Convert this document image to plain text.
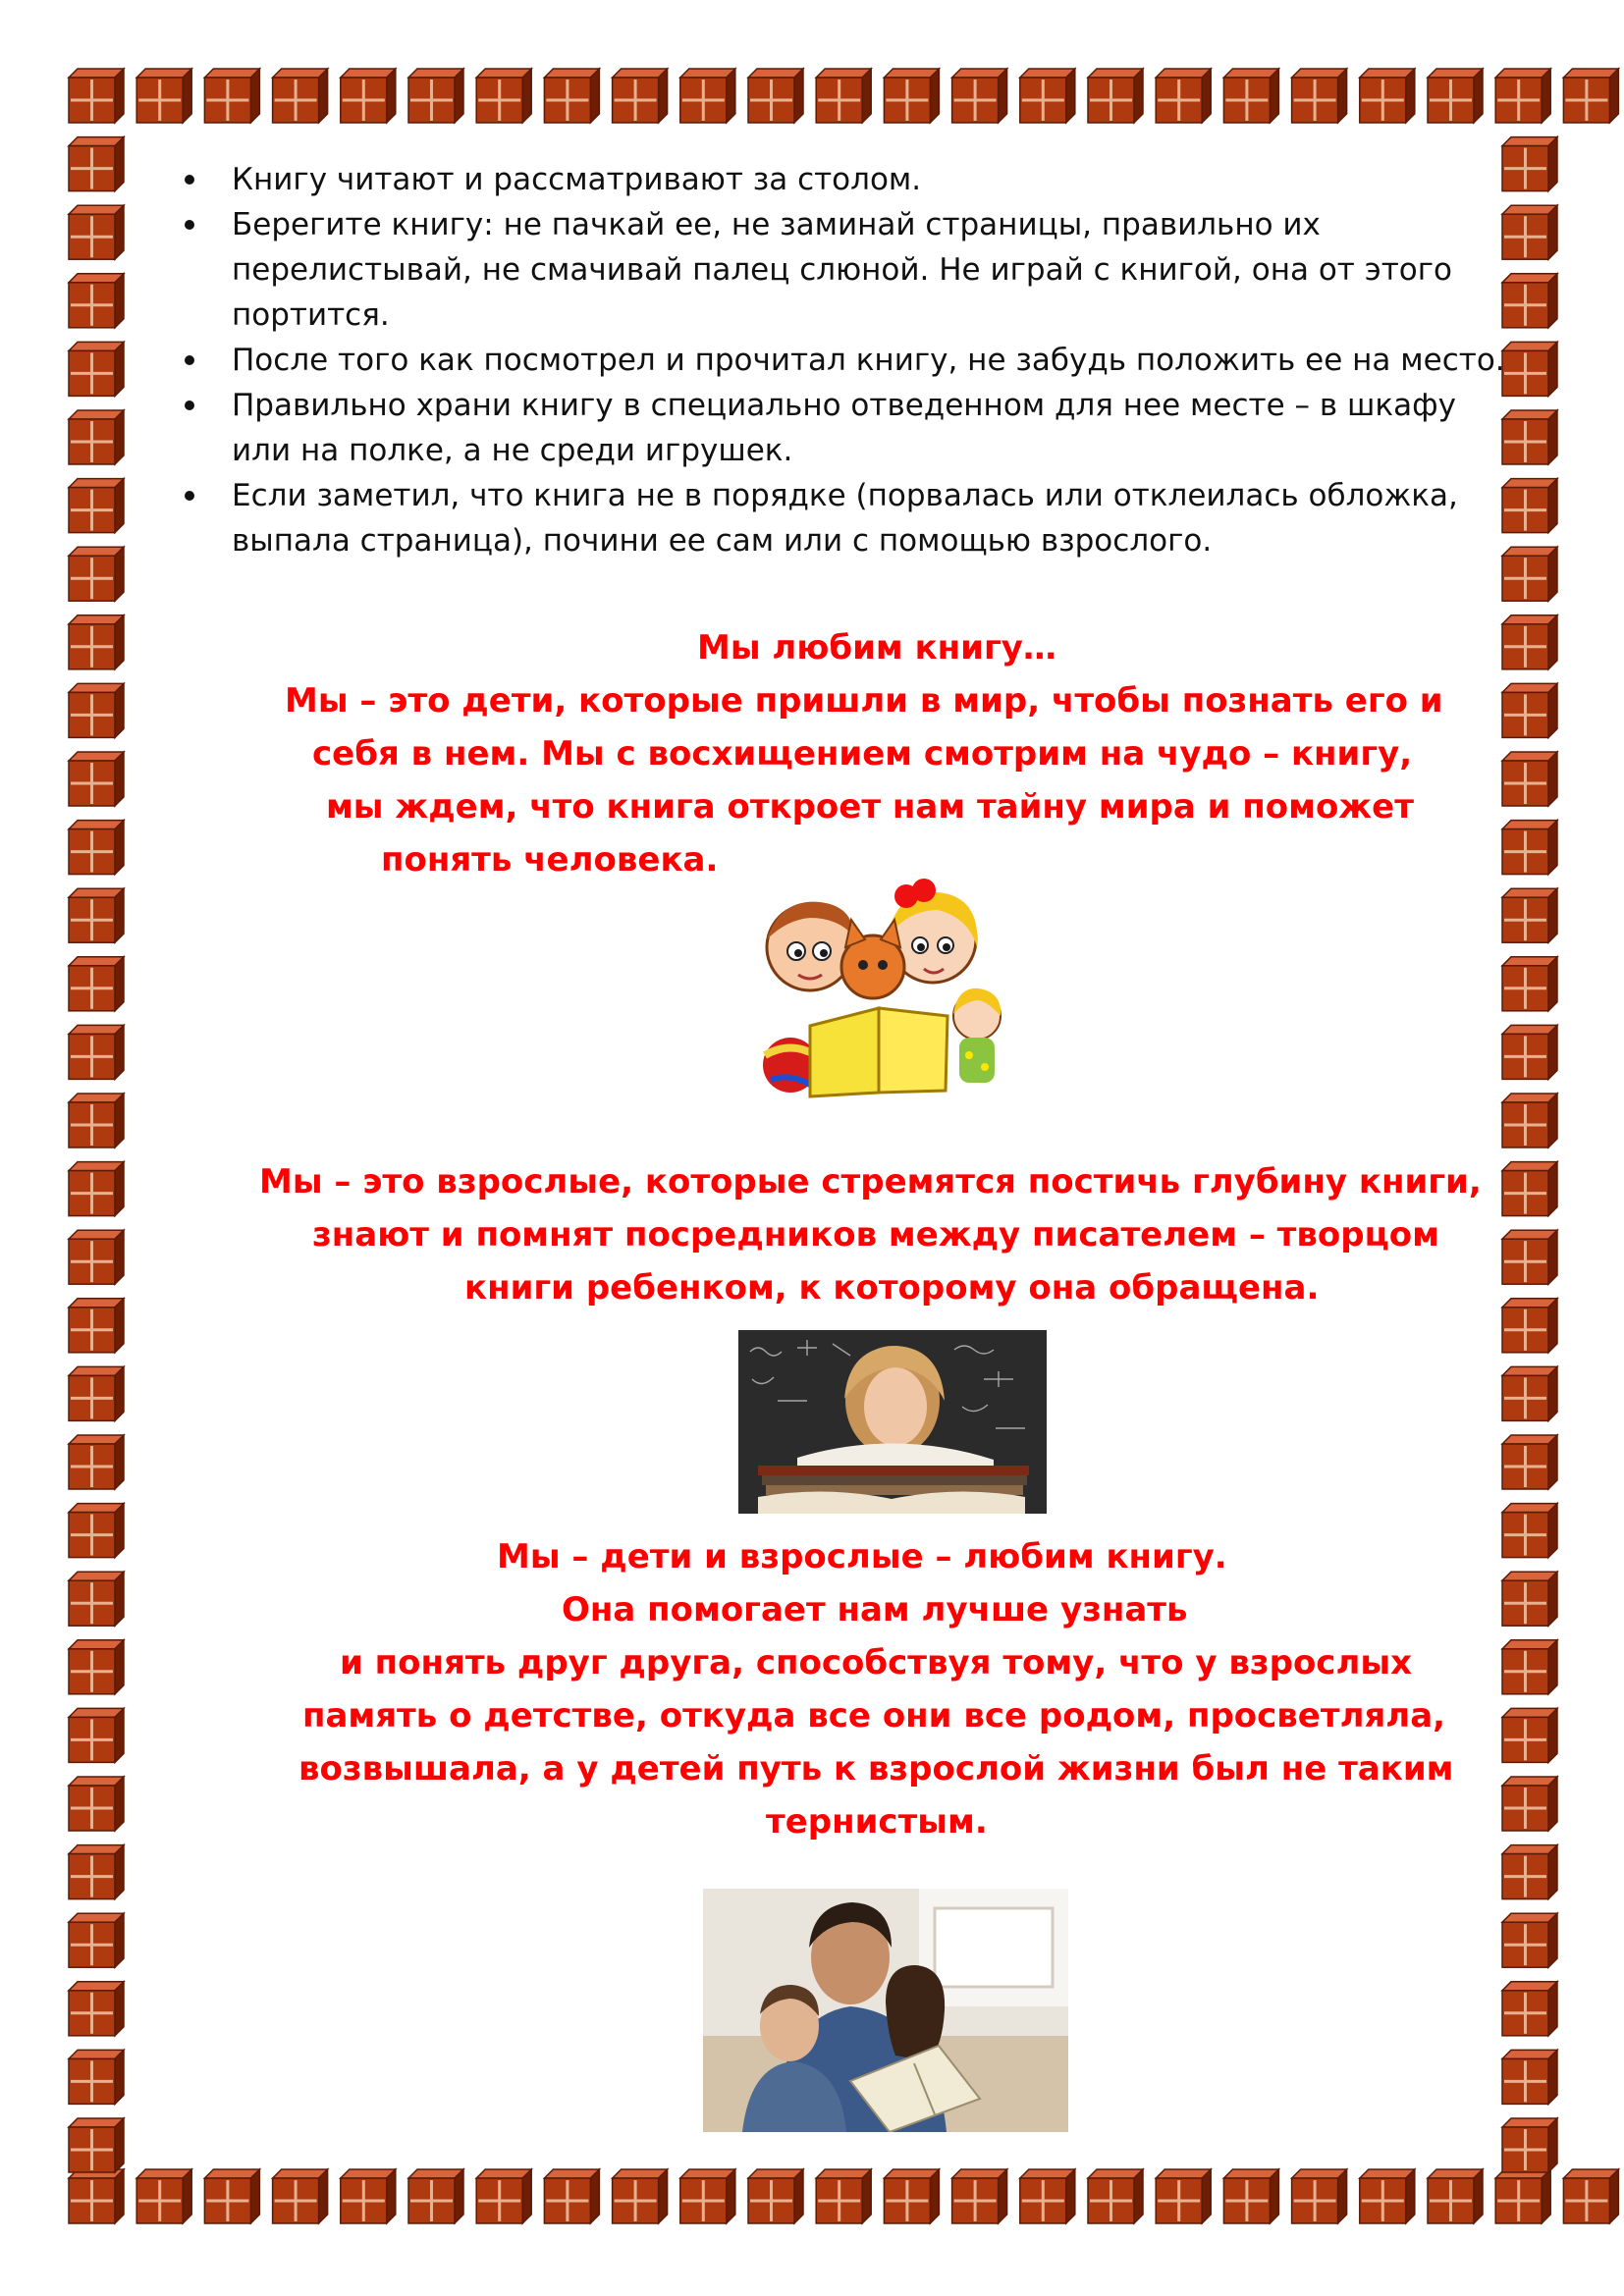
Книгу читают и рассматривают за столом.
Берегите книгу: не пачкай ее, не заминай страницы, правильно их перелистывай, не смачивай палец слюной. Не играй с книгой, она от этого портится.
После того как посмотрел и прочитал книгу, не забудь положить ее на место.
Правильно храни книгу в специально отведенном для нее месте – в шкафу или на полке, а не среди игрушек.
Если заметил, что книга не в порядке (порвалась или отклеилась обложка, выпала страница), почини ее сам или с помощью взрослого.
Мы любим книгу…
Мы – это дети, которые пришли в мир, чтобы познать его и
себя в нем. Мы с восхищением смотрим на чудо – книгу,
мы ждем, что книга откроет нам тайну мира и поможет
понять человека.
Мы – это взрослые, которые стремятся постичь глубину книги,
знают и помнят посредников между писателем – творцом
книги ребенком, к которому она обращена.
Мы – дети и взрослые – любим книгу.
Она помогает нам лучше узнать
и понять друг друга, способствуя тому, что у взрослых
память о детстве, откуда все они все родом, просветляла,
возвышала, а у детей путь к взрослой жизни был не таким
тернистым.
